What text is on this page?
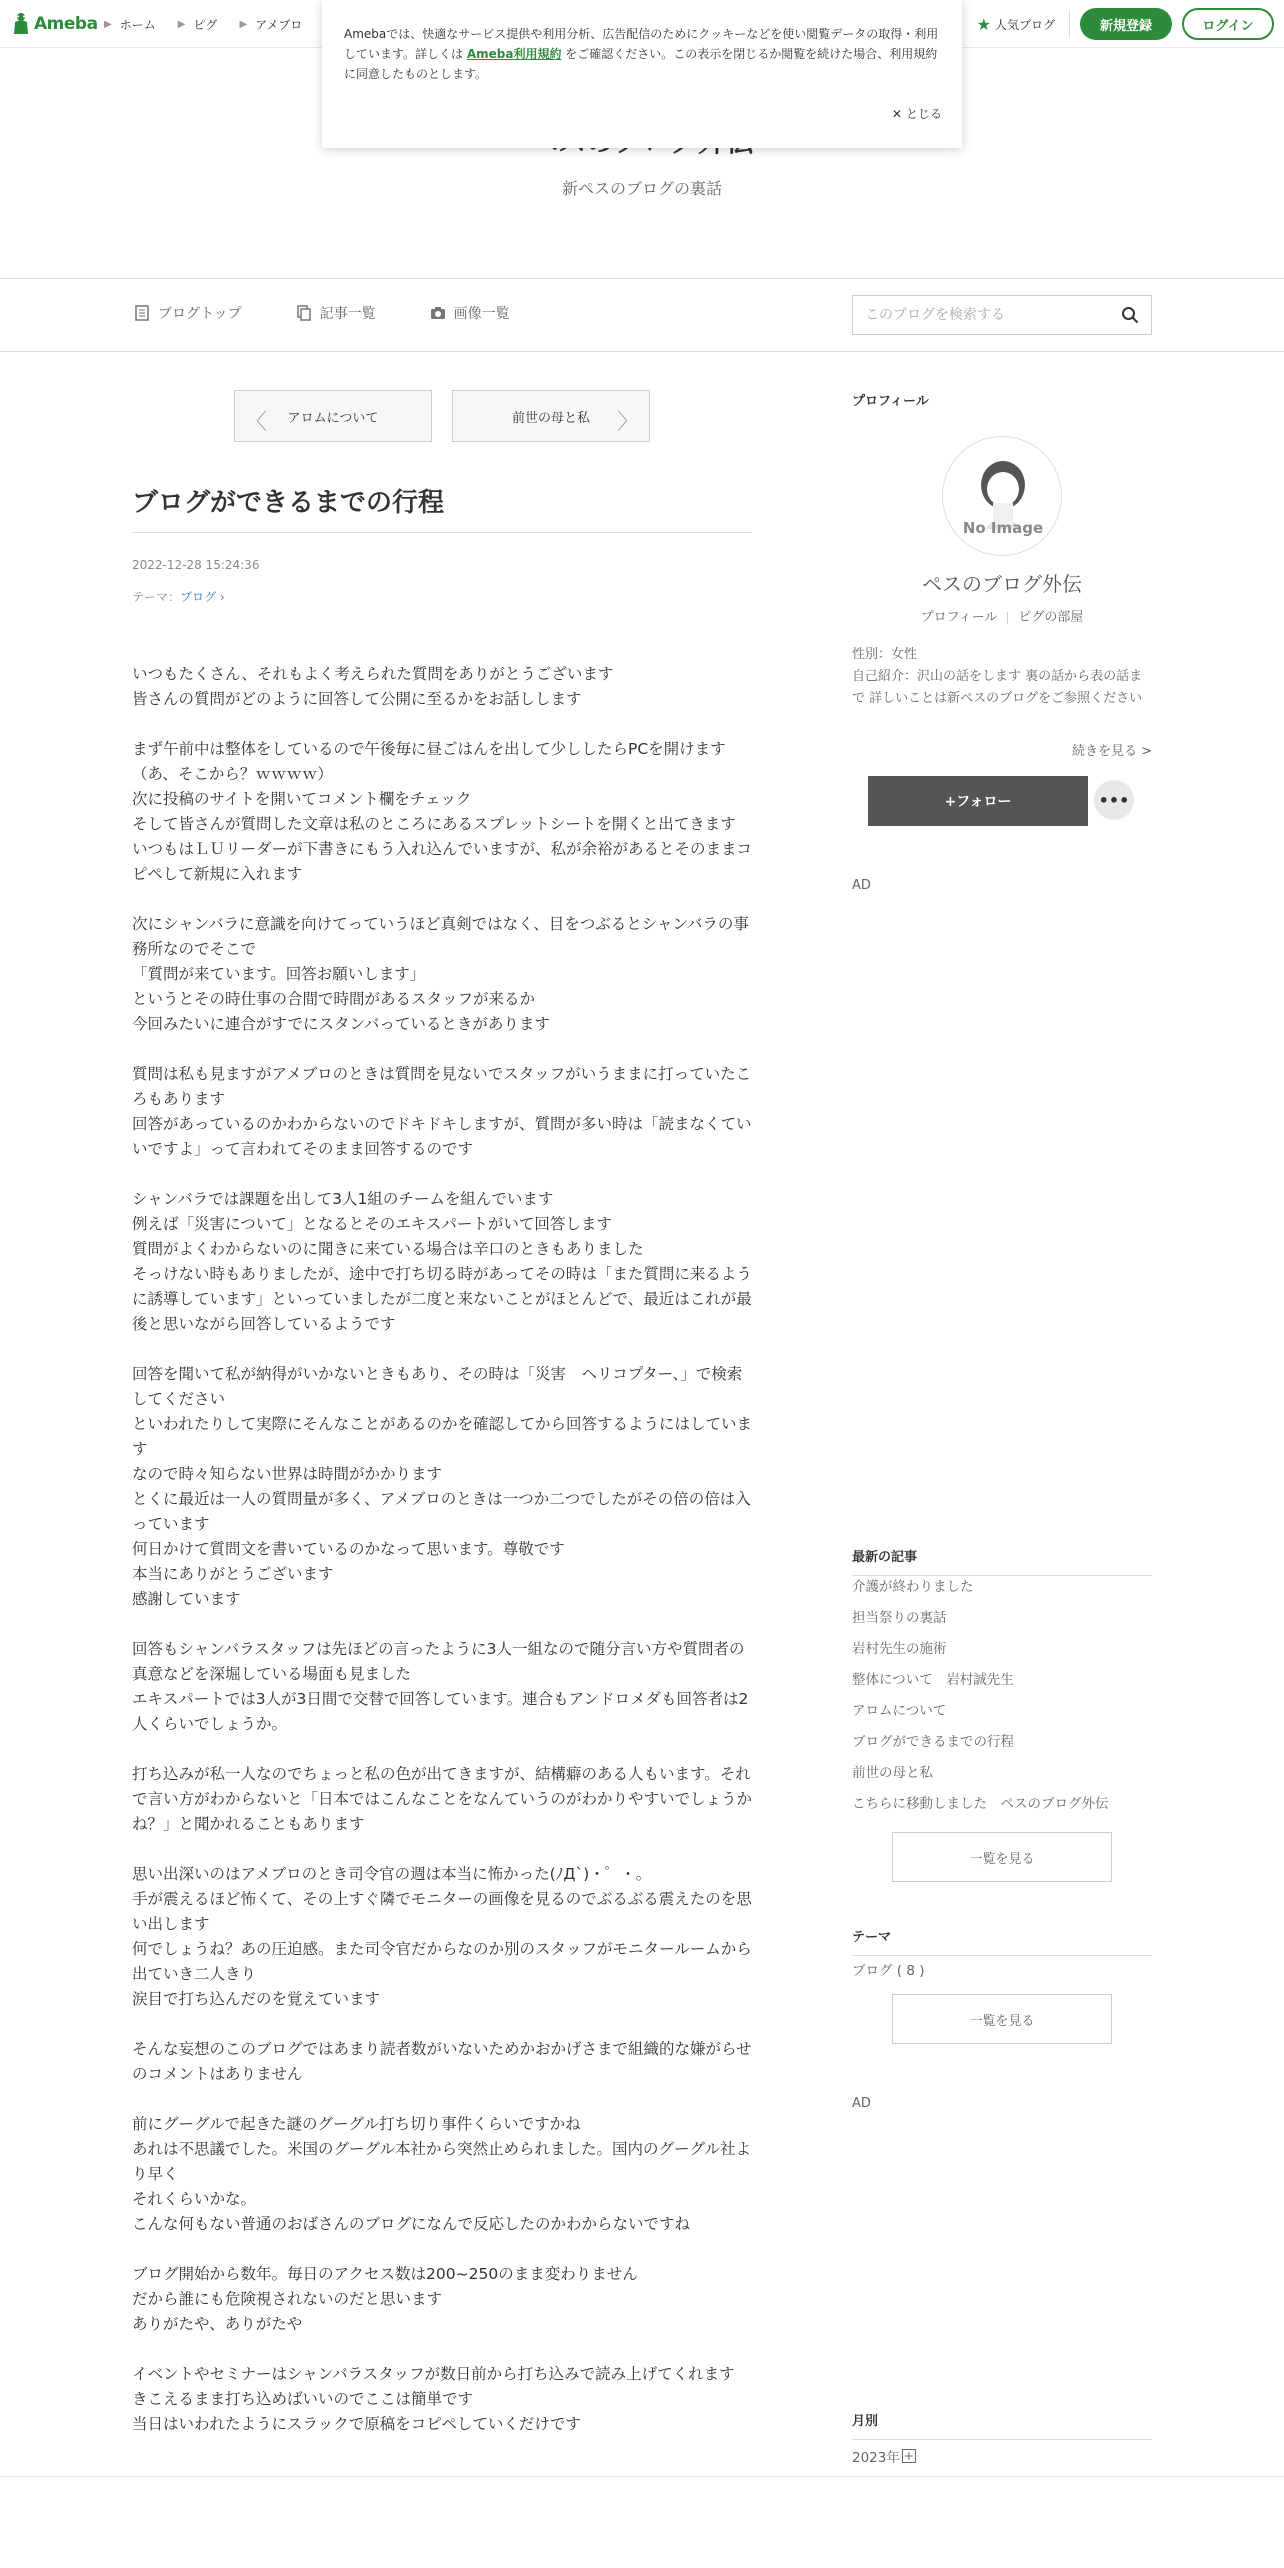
Ameba ▶ ホーム ▶ ピグ ▶ アメブロ	★ 人気ブログ	新規登録	ログイン
新ペスのブログの裏話
Amebaでは、快適なサービス提供や利用分析、広告配信のためにクッキーなどを使い閲覧データの取得・利用しています。詳しくは Ameba利用規約 をご確認ください。この表示を閉じるか閲覧を続けた場合、利用規約に同意したものとします。
✕ とじる
ブログトップ	記事一覧	画像一覧
このブログを検索する
〈 アロムについて	前世の母と私 〉
ブログができるまでの行程
2022-12-28 15:24:36
テーマ：ブログ ›

いつもたくさん、それもよく考えられた質問をありがとうございます
皆さんの質問がどのように回答して公開に至るかをお話しします

まず午前中は整体をしているので午後毎に昼ごはんを出して少ししたらPCを開けます（あ、そこから？ｗｗｗｗ）
次に投稿のサイトを開いてコメント欄をチェック
そして皆さんが質問した文章は私のところにあるスプレットシートを開くと出てきます
いつもはＬＵリーダーが下書きにもう入れ込んでいますが、私が余裕があるとそのままコピペして新規に入れます

次にシャンバラに意識を向けてっていうほど真剣ではなく、目をつぶるとシャンバラの事務所なのでそこで
「質問が来ています。回答お願いします」
というとその時仕事の合間で時間があるスタッフが来るか
今回みたいに連合がすでにスタンバっているときがあります

質問は私も見ますがアメブロのときは質問を見ないでスタッフがいうままに打っていたころもあります
回答があっているのかわからないのでドキドキしますが、質問が多い時は「読まなくていいですよ」って言われてそのまま回答するのです

シャンバラでは課題を出して3人1組のチームを組んでいます
例えば「災害について」となるとそのエキスパートがいて回答します
質問がよくわからないのに聞きに来ている場合は辛口のときもありました
そっけない時もありましたが、途中で打ち切る時があってその時は「また質問に来るように誘導しています」といっていましたが二度と来ないことがほとんどで、最近はこれが最後と思いながら回答しているようです

回答を聞いて私が納得がいかないときもあり、その時は「災害　ヘリコプター、」で検索してください
といわれたりして実際にそんなことがあるのかを確認してから回答するようにはしています
なので時々知らない世界は時間がかかります
とくに最近は一人の質問量が多く、アメブロのときは一つか二つでしたがその倍の倍は入っています
何日かけて質問文を書いているのかなって思います。尊敬です
本当にありがとうございます
感謝しています

回答もシャンバラスタッフは先ほどの言ったように3人一組なので随分言い方や質問者の真意などを深堀している場面も見ました
エキスパートでは3人が3日間で交替で回答しています。連合もアンドロメダも回答者は2人くらいでしょうか。

打ち込みが私一人なのでちょっと私の色が出てきますが、結構癖のある人もいます。それで言い方がわからないと「日本ではこんなことをなんていうのがわかりやすいでしょうかね？」と聞かれることもあります

思い出深いのはアメブロのとき司令官の週は本当に怖かった(ﾉД`)・゜・。
手が震えるほど怖くて、その上すぐ隣でモニターの画像を見るのでぶるぶる震えたのを思い出します
何でしょうね？あの圧迫感。また司令官だからなのか別のスタッフがモニタールームから出ていき二人きり
涙目で打ち込んだのを覚えています

そんな妄想のこのブログではあまり読者数がいないためかおかげさまで組織的な嫌がらせのコメントはありません

前にグーグルで起きた謎のグーグル打ち切り事件くらいですかね
あれは不思議でした。米国のグーグル本社から突然止められました。国内のグーグル社より早く
それくらいかな。
こんな何もない普通のおばさんのブログになんで反応したのかわからないですね

ブログ開始から数年。毎日のアクセス数は200~250のまま変わりません
だから誰にも危険視されないのだと思います
ありがたや、ありがたや

イベントやセミナーはシャンバラスタッフが数日前から打ち込みで読み上げてくれます
きこえるまま打ち込めばいいのでここは簡単です
当日はいわれたようにスラックで原稿をコピペしていくだけです

プロフィール
No Image
ペスのブログ外伝
プロフィール ピグの部屋
性別：女性
自己紹介：沢山の話をします 裏の話から表の話まで 詳しいことは新ペスのブログをご参照ください
続きを見る >
+フォロー	•••
AD
最新の記事
介護が終わりました
担当祭りの裏話
岩村先生の施術
整体について　岩村誠先生
アロムについて
ブログができるまでの行程
前世の母と私
こちらに移動しました　ペスのブログ外伝
一覧を見る
テーマ
ブログ ( 8 )
一覧を見る
AD
月別
2023年 +
